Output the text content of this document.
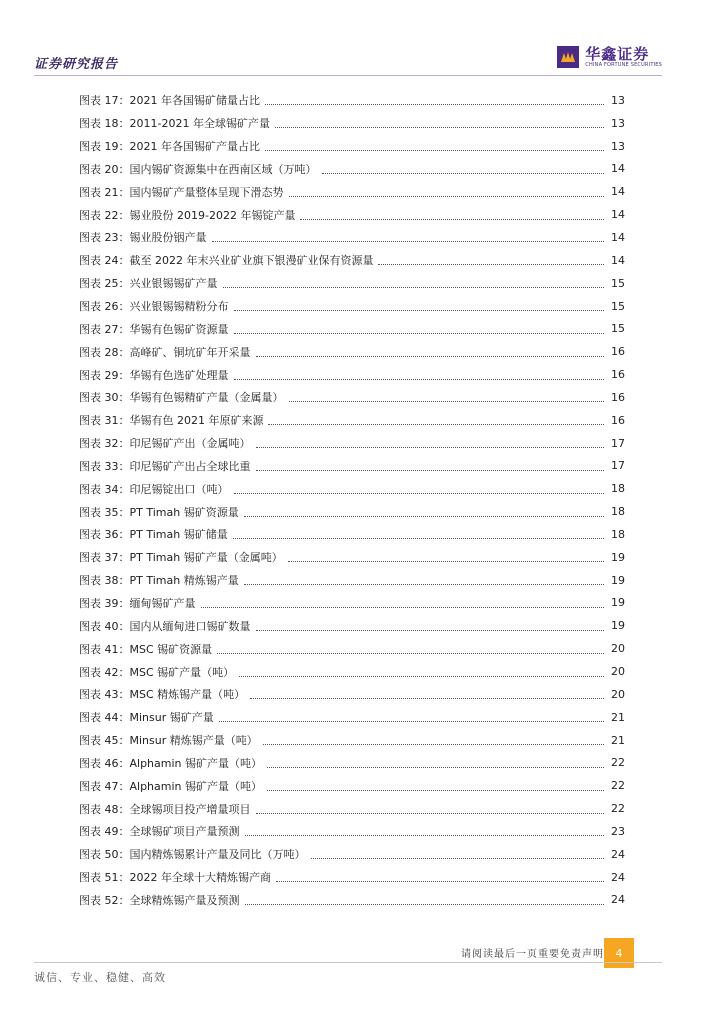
证券研究报告
华鑫证券
CHINA FORTUNE SECURITIES
图表 17：2021 年各国锡矿储量占比	13
图表 18：2011-2021 年全球锡矿产量	13
图表 19：2021 年各国锡矿产量占比	13
图表 20：国内锡矿资源集中在西南区域（万吨）	14
图表 21：国内锡矿产量整体呈现下滑态势	14
图表 22：锡业股份 2019-2022 年锡锭产量	14
图表 23：锡业股份铟产量	14
图表 24：截至 2022 年末兴业矿业旗下银漫矿业保有资源量	14
图表 25：兴业银锡锡矿产量	15
图表 26：兴业银锡锡精粉分布	15
图表 27：华锡有色锡矿资源量	15
图表 28：高峰矿、铜坑矿年开采量	16
图表 29：华锡有色选矿处理量	16
图表 30：华锡有色锡精矿产量（金属量）	16
图表 31：华锡有色 2021 年原矿来源	16
图表 32：印尼锡矿产出（金属吨）	17
图表 33：印尼锡矿产出占全球比重	17
图表 34：印尼锡锭出口（吨）	18
图表 35：PT Timah 锡矿资源量	18
图表 36：PT Timah 锡矿储量	18
图表 37：PT Timah 锡矿产量（金属吨）	19
图表 38：PT Timah 精炼锡产量	19
图表 39：缅甸锡矿产量	19
图表 40：国内从缅甸进口锡矿数量	19
图表 41：MSC 锡矿资源量	20
图表 42：MSC 锡矿产量（吨）	20
图表 43：MSC 精炼锡产量（吨）	20
图表 44：Minsur 锡矿产量	21
图表 45：Minsur 精炼锡产量（吨）	21
图表 46：Alphamin 锡矿产量（吨）	22
图表 47：Alphamin 锡矿产量（吨）	22
图表 48：全球锡项目投产增量项目	22
图表 49：全球锡矿项目产量预测	23
图表 50：国内精炼锡累计产量及同比（万吨）	24
图表 51：2022 年全球十大精炼锡产商	24
图表 52：全球精炼锡产量及预测	24
请阅读最后一页重要免责声明	4
诚信、专业、稳健、高效
